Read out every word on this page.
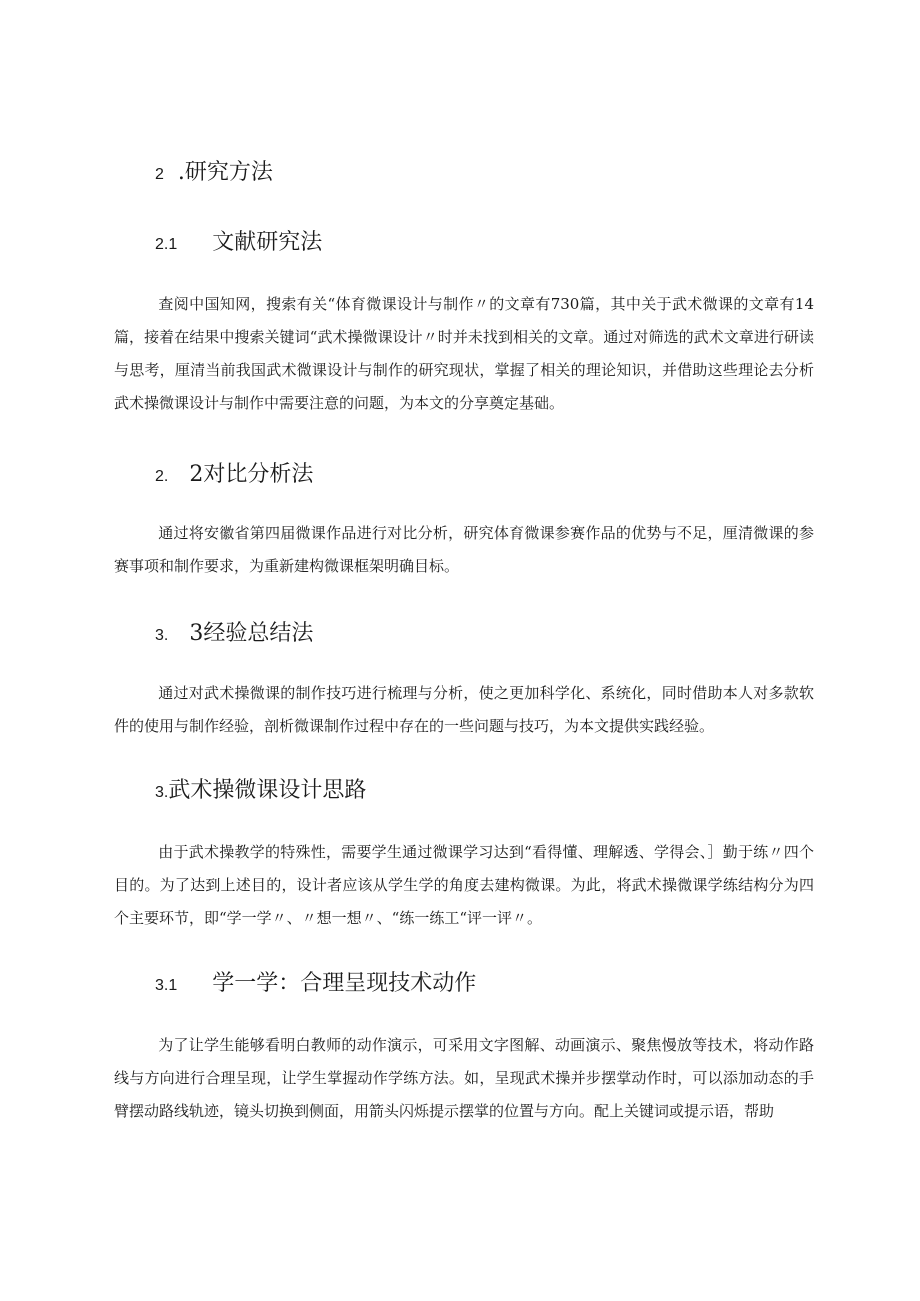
2 .研究方法
2.1 文献研究法
查阅中国知网，搜索有关“体育微课设计与制作〃的文章有730篇，其中关于武术微课的文章有14篇，接着在结果中搜索关键词“武术操微课设计〃时并未找到相关的文章。通过对筛选的武术文章进行研读与思考，厘清当前我国武术微课设计与制作的研究现状，掌握了相关的理论知识，并借助这些理论去分析武术操微课设计与制作中需要注意的问题，为本文的分享奠定基础。
2. 2对比分析法
通过将安徽省第四届微课作品进行对比分析，研究体育微课参赛作品的优势与不足，厘清微课的参赛事项和制作要求，为重新建构微课框架明确目标。
3. 3经验总结法
通过对武术操微课的制作技巧进行梳理与分析，使之更加科学化、系统化，同时借助本人对多款软件的使用与制作经验，剖析微课制作过程中存在的一些问题与技巧，为本文提供实践经验。
3.武术操微课设计思路
由于武术操教学的特殊性，需要学生通过微课学习达到“看得懂、理解透、学得会、］勤于练〃四个目的。为了达到上述目的，设计者应该从学生学的角度去建构微课。为此，将武术操微课学练结构分为四个主要环节，即“学一学〃、〃想一想〃、“练一练工“评一评〃。
3.1 学一学：合理呈现技术动作
为了让学生能够看明白教师的动作演示，可采用文字图解、动画演示、聚焦慢放等技术，将动作路线与方向进行合理呈现，让学生掌握动作学练方法。如，呈现武术操并步摆掌动作时，可以添加动态的手臂摆动路线轨迹，镜头切换到侧面，用箭头闪烁提示摆掌的位置与方向。配上关键词或提示语，帮助
